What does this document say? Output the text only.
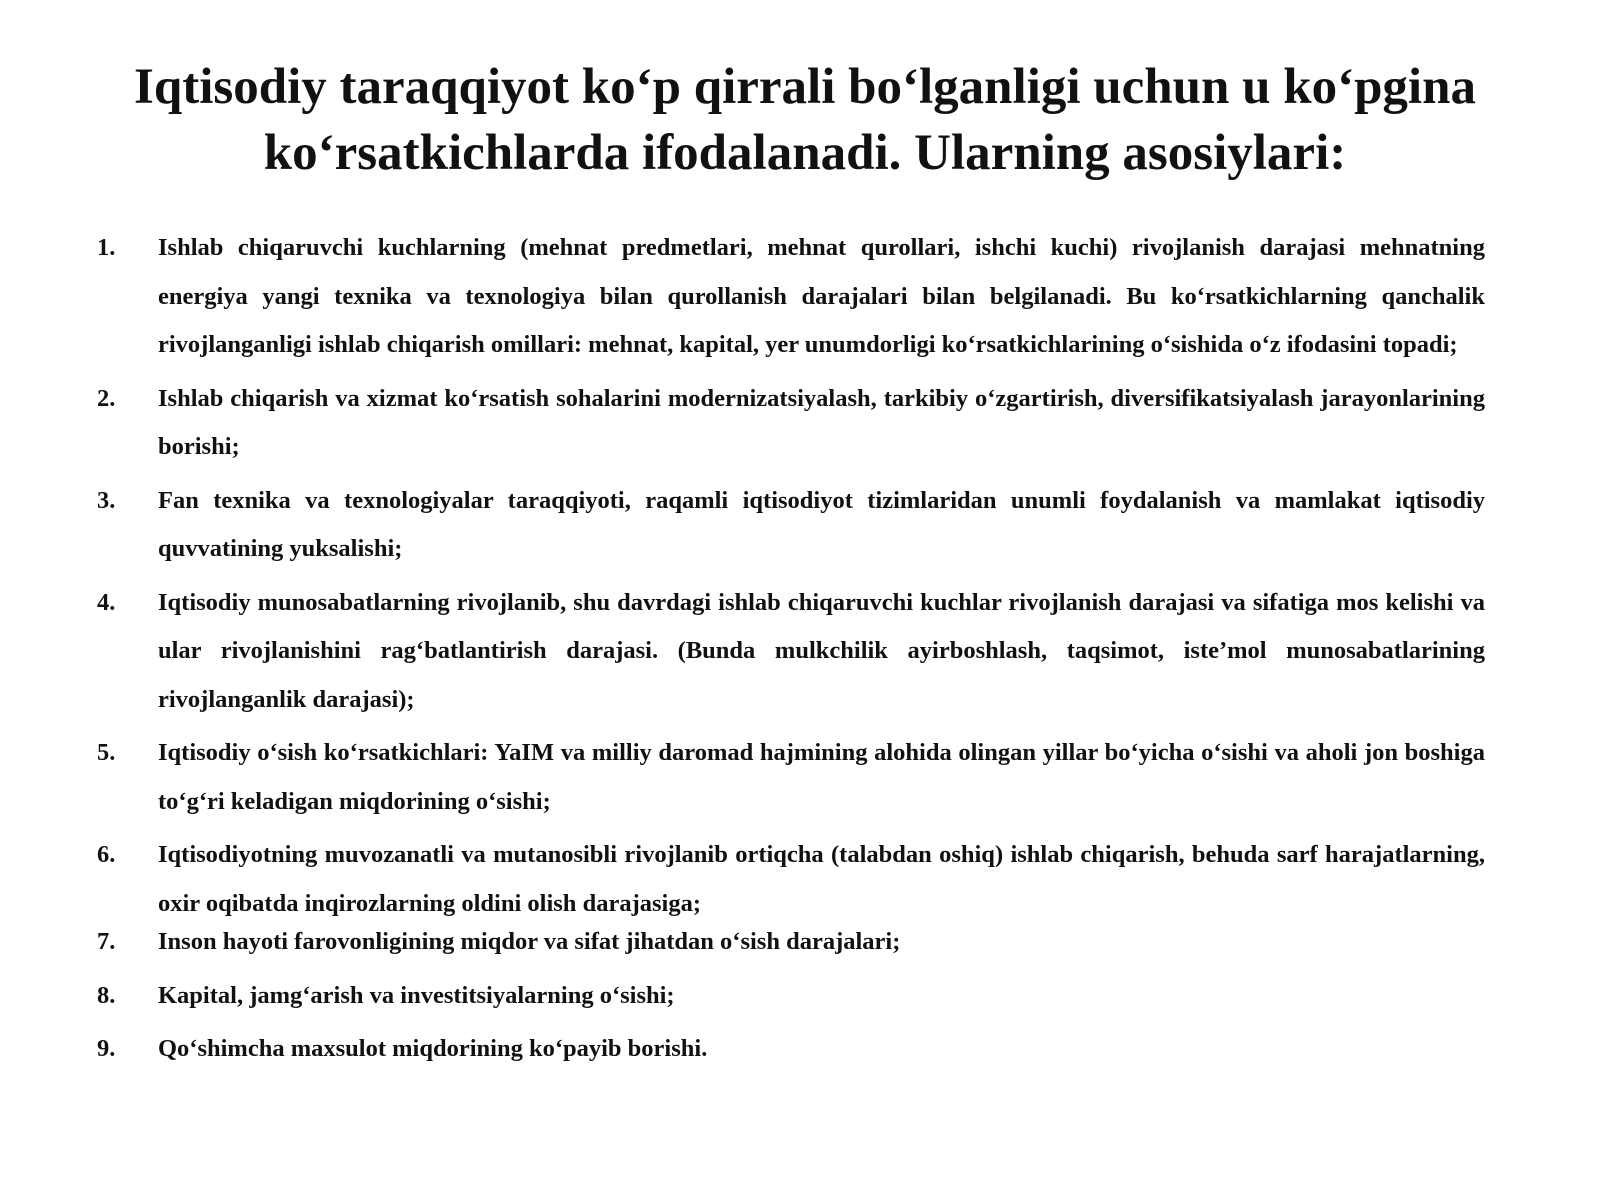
Iqtisodiy taraqqiyot ko‘p qirrali bo‘lganligi uchun u ko‘pgina
ko‘rsatkichlarda ifodalanadi. Ularning asosiylari:
1. Ishlab chiqaruvchi kuchlarning (mehnat predmetlari, mehnat qurollari, ishchi kuchi) rivojlanish darajasi mehnatning energiya yangi texnika va texnologiya bilan qurollanish darajalari bilan belgilanadi. Bu ko‘rsatkichlarning qanchalik rivojlanganligi ishlab chiqarish omillari: mehnat, kapital, yer unumdorligi ko‘rsatkichlarining o‘sishida o‘z ifodasini topadi;
2. Ishlab chiqarish va xizmat ko‘rsatish sohalarini modernizatsiyalash, tarkibiy o‘zgartirish, diversifikatsiyalash jarayonlarining borishi;
3. Fan texnika va texnologiyalar taraqqiyoti, raqamli iqtisodiyot tizimlaridan unumli foydalanish va mamlakat iqtisodiy quvvatining yuksalishi;
4. Iqtisodiy munosabatlarning rivojlanib, shu davrdagi ishlab chiqaruvchi kuchlar rivojlanish darajasi va sifatiga mos kelishi va ular rivojlanishini rag‘batlantirish darajasi. (Bunda mulkchilik ayirboshlash, taqsimot, iste’mol munosabatlarining rivojlanganlik darajasi);
5. Iqtisodiy o‘sish ko‘rsatkichlari: YaIM va milliy daromad hajmining alohida olingan yillar bo‘yicha o‘sishi va aholi jon boshiga to‘g‘ri keladigan miqdorining o‘sishi;
6. Iqtisodiyotning muvozanatli va mutanosibli rivojlanib ortiqcha (talabdan oshiq) ishlab chiqarish, behuda sarf harajatlarning, oxir oqibatda inqirozlarning oldini olish darajasiga;
7. Inson hayoti farovonligining miqdor va sifat jihatdan o‘sish darajalari;
8. Kapital, jamg‘arish va investitsiyalarning o‘sishi;
9. Qo‘shimcha maxsulot miqdorining ko‘payib borishi.
